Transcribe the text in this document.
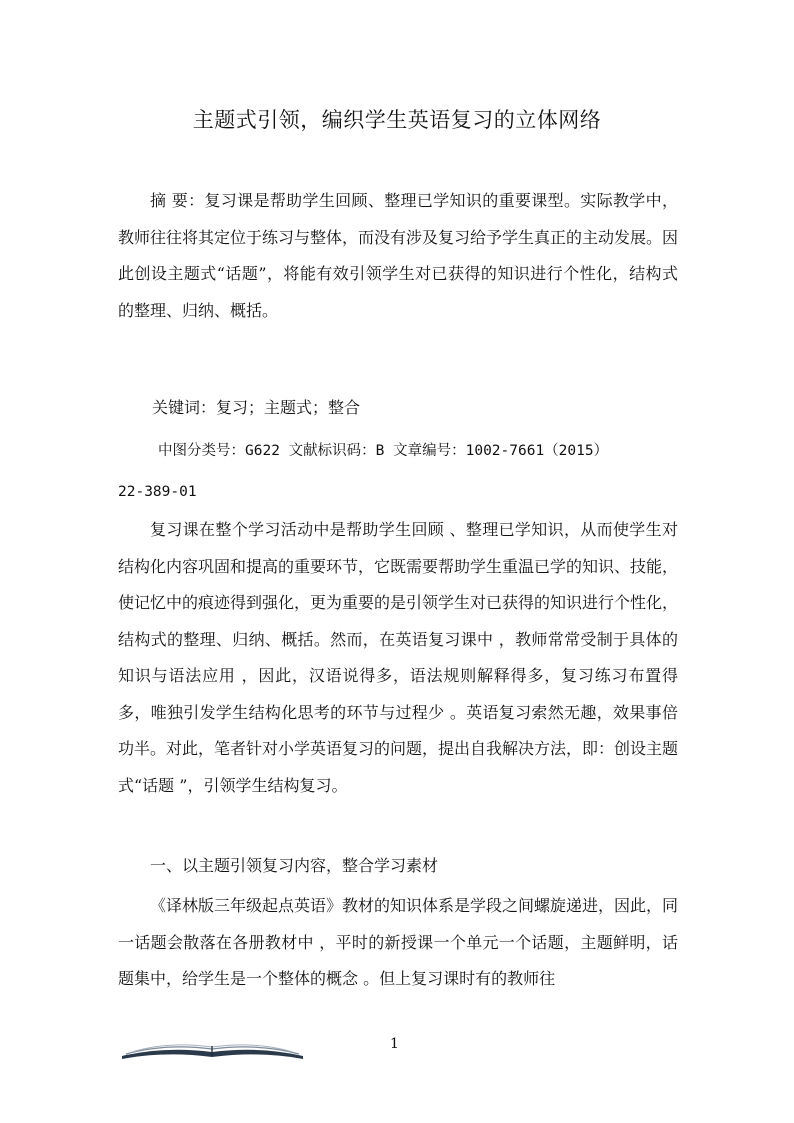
主题式引领，编织学生英语复习的立体网络

摘 要：复习课是帮助学生回顾、整理已学知识的重要课型。实际教学中，教师往往将其定位于练习与整体，而没有涉及复习给予学生真正的主动发展。因此创设主题式“话题”，将能有效引领学生对已获得的知识进行个性化，结构式的整理、归纳、概括。

关键词：复习；主题式；整合

中图分类号：G622 文献标识码：B 文章编号：1002-7661（2015）

22-389-01

复习课在整个学习活动中是帮助学生回顾 、整理已学知识，从而使学生对结构化内容巩固和提高的重要环节，它既需要帮助学生重温已学的知识、技能，使记忆中的痕迹得到强化，更为重要的是引领学生对已获得的知识进行个性化，结构式的整理、归纳、概括。然而，在英语复习课中 ，教师常常受制于具体的知识与语法应用 ，因此，汉语说得多，语法规则解释得多，复习练习布置得多，唯独引发学生结构化思考的环节与过程少 。英语复习索然无趣，效果事倍功半。对此，笔者针对小学英语复习的问题，提出自我解决方法，即：创设主题式“话题 ”，引领学生结构复习。

一、以主题引领复习内容，整合学习素材

《译林版三年级起点英语》教材的知识体系是学段之间螺旋递进，因此，同一话题会散落在各册教材中 ，平时的新授课一个单元一个话题，主题鲜明，话题集中，给学生是一个整体的概念 。但上复习课时有的教师往

1
